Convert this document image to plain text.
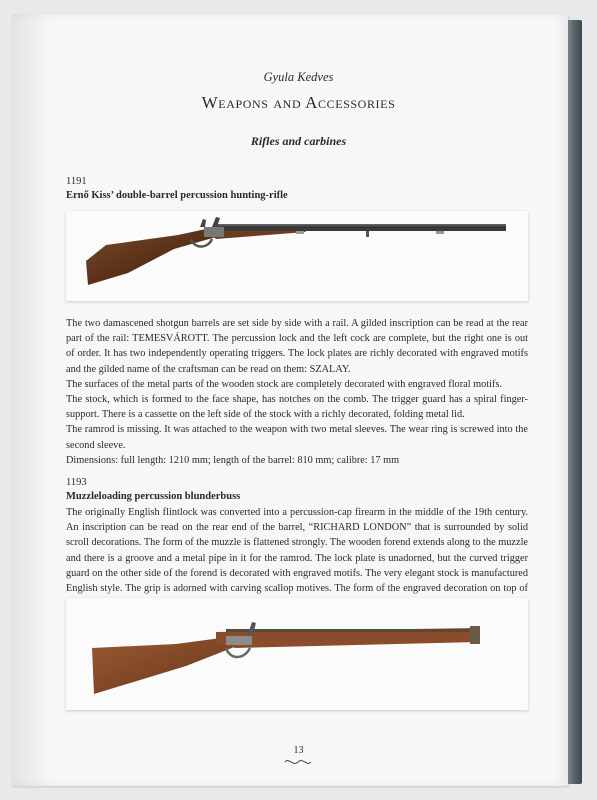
Gyula Kedves
Weapons and Accessories
Rifles and carbines
1191
Ernő Kiss’ double-barrel percussion hunting-rifle

The two damascened shotgun barrels are set side by side with a rail. A gilded inscription can be read at the rear part of the rail: TEMESVÁROTT. The percussion lock and the left cock are complete, but the right one is out of order. It has two independently operating triggers. The lock plates are richly decorated with engraved motifs and the gilded name of the craftsman can be read on them: SZALAY.

The surfaces of the metal parts of the wooden stock are completely decorated with engraved floral motifs.

The stock, which is formed to the face shape, has notches on the comb. The trigger guard has a spiral finger-support. There is a cassette on the left side of the stock with a richly decorated, folding metal lid.

The ramrod is missing. It was attached to the weapon with two metal sleeves. The wear ring is screwed into the second sleeve.

Dimensions: full length: 1210 mm; length of the barrel: 810 mm; calibre: 17 mm

1193
Muzzleloading percussion blunderbuss

The originally English flintlock was converted into a percussion-cap firearm in the middle of the 19th century. An inscription can be read on the rear end of the barrel, “RICHARD LONDON” that is surrounded by solid scroll decorations. The form of the muzzle is flattened strongly. The wooden forend extends along to the muzzle and there is a groove and a metal pipe in it for the ramrod. The lock plate is unadorned, but the curved trigger guard on the other side of the forend is decorated with engraved motifs. The very elegant stock is manufactured English style. The grip is adorned with carving scallop motives. The form of the engraved decoration on top of

13
